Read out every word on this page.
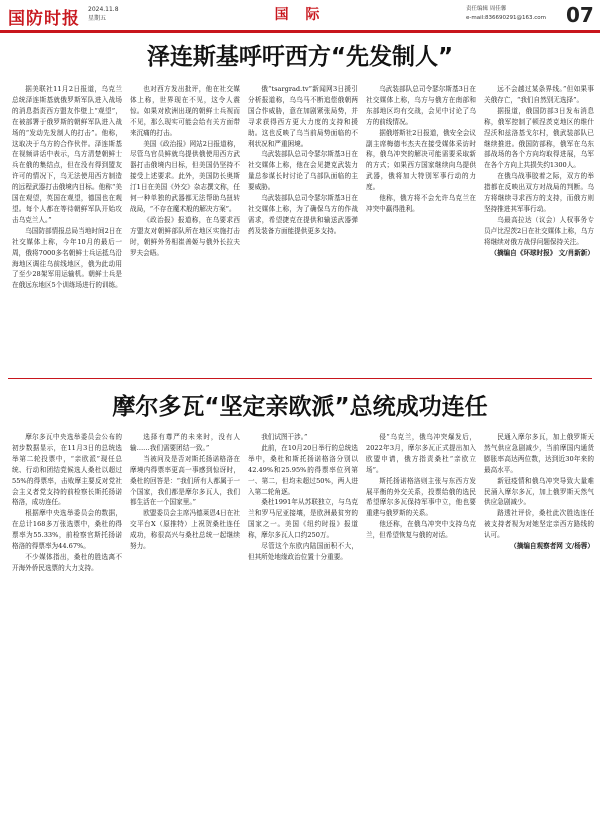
国防时报 2024.11.8
星期五	国 际	责任编辑 周佳馨
e-mail:836690291@163.com 07
泽连斯基呼吁西方“先发制人”

据美联社11月2日报道，乌克兰总统泽连斯基就俄罗斯军队进入战场的消息指责西方盟友作壁上“观望”，在被部署于俄罗斯的朝鲜军队进入战场的“发动先发制人的打击”。他称，这取决于乌方的合作伙伴。泽连斯基在视频讲话中表示，乌方清楚朝鲜士兵在俄的集结点，但在没有得到盟友许可的情况下，乌无法使用西方制造的远程武器打击俄境内目标。他称“美国在观望，英国在观望，德国也在观望。每个人都在等待朝鲜军队开始攻击乌克兰人。”

乌国防部情报总局当地时间2日在社交媒体上称，今年10月的最后一周，俄将7000多名朝鲜士兵运抵乌沿海地区调往乌前线地区，俄为此动用了至少28架军用运输机。朝鲜士兵是在俄远东地区5个训练场进行的训练。

也对西方发出批评，他在社交媒体上称，世界现在不见，这令人震惊。如果对欧洲出现的朝鲜士兵视而不见，那么现实可能会给有关方面带来沉痛的打击。

美国《政治报》网站2日报道称，尽管乌官员鲜就乌提供俄使用西方武器打击俄境内目标，但美国仍坚持不接受上述要求。此外，美国防长奥斯汀1日在美国《外交》杂志撰文称，任何一种单独的武器都无法帮助乌扭转战局，“不存在魔术般的解决方案”。

《政治报》报道称，在乌要求西方盟友对朝鲜部队所在地区实施打击时，朝鲜外务相崔善姬与俄外长拉夫罗夫会晤。

俄“tsargrad.tv”新闻网3日援引分析报道称，乌乌马不断追偿俄朝两国合作威胁，意在加剧紧张局势，并寻求获得西方更大力度的支持和援助。这也反映了乌当前局势面临的不利状况和严重困境。

乌武装部队总司令瑟尔斯基3日在社交媒体上称，他在会见捷克武装力量总参谋长时讨论了乌部队面临的主要威胁。

乌武装部队总司令瑟尔斯基3日在社交媒体上称，为了确保乌方的作战需求，希望捷克在提供和输送武器弹药及装备方面能提供更多支持。

乌武装部队总司令瑟尔斯基3日在社交媒体上称，乌方与俄方在南部和东部地区均有交战，会见中讨论了乌方的前线情况。

据俄塔斯社2日报道，俄安全会议副主席梅德韦杰夫在接受媒体采访时称，俄乌冲突的解决可能需要采取新的方式；如果西方国家继续向乌提供武器，俄将加大特别军事行动的力度。

他称，俄方将不会允许乌克兰在冲突中赢得胜利。

远不会越过某条界线。”但如果事关俄存亡，“我们自然别无选择”。

据报道，俄国防部3日发布消息称，俄军控制了顿涅茨克地区的维什涅沃和兹洛基戈尔村，俄武装部队已继续推进。俄国防部称，俄军在乌东部战场的各个方向均取得进展，乌军在各个方向上共损失约1300人。

在俄乌战事胶着之际，双方的举措都在反映出双方对战局的判断。乌方将继续寻求西方的支持，而俄方则坚持推进其军事行动。

乌最高拉达（议会）人权事务专员卢比涅茨2日在社交媒体上称，乌方将继续对俄方战俘问题保持关注。

（摘编自《环球时报》 文/肖新新）

摩尔多瓦“坚定亲欧派”总统成功连任

摩尔多瓦中央选举委员会公布的初步数据显示，在11月3日的总统选举第二轮投票中，“亲欧派”现任总统、行动和团结党候选人桑杜以超过55%的得票率，击败摩主要反对党社会主义者党支持的前检察长斯托扬诺格洛，成功连任。

根据摩中央选举委员会的数据，在总计168多万张选票中，桑杜的得票率为55.33%，前检察官斯托扬诺格洛的得票率为44.67%。

不少媒体指出，桑杜的胜选离不开海外侨民选票的大力支持。

选择有尊严的未来时，没有人输……我们需要团结一致。”

当被问及是否对斯托扬诺格洛在摩境内得票率更高一事感到惊讶时，桑杜的回答是：“我们所有人都属于一个国家，我们都是摩尔多瓦人，我们都生活在一个国家里。”

欧盟委员会主席冯德莱恩4日在社交平台X（原推特）上祝贺桑杜连任成功，称很高兴与桑杜总统一起继续努力。

我们试图干涉。”

此前，在10月20日举行的总统选举中，桑杜和斯托扬诺格洛分别以42.49%和25.95%的得票率位列第一、第二，但均未超过50%，两人进入第二轮角逐。

桑杜1991年从苏联独立，与乌克兰和罗马尼亚接壤，是欧洲最贫穷的国家之一。美国《纽约时报》报道称，摩尔多瓦人口约250万。

尽管这个东欧内陆国面积不大，但其所处地缘政治位置十分重要。

侵”乌克兰，俄乌冲突爆发后，2022年3月，摩尔多瓦正式提出加入欧盟申请，俄方指责桑杜“亲欧立场”。

斯托扬诺格洛则主张与东西方发展平衡的外交关系，投票给俄的选民希望摩尔多瓦保持军事中立，他也要重建与俄罗斯的关系。

他还称，在俄乌冲突中支持乌克兰，但希望恢复与俄的对话。

民通入摩尔多瓦，加上俄罗斯天然气供应急剧减少，当前摩国内通货膨胀率高达两位数，达到近30年来的最高水平。

新冠疫情和俄乌冲突导致大量难民涌入摩尔多瓦，加上俄罗斯天然气供应急剧减少。

路透社评价，桑杜此次胜选连任被支持者视为对她坚定亲西方路线的认可。

（摘编自观察者网 文/杨蓉）
